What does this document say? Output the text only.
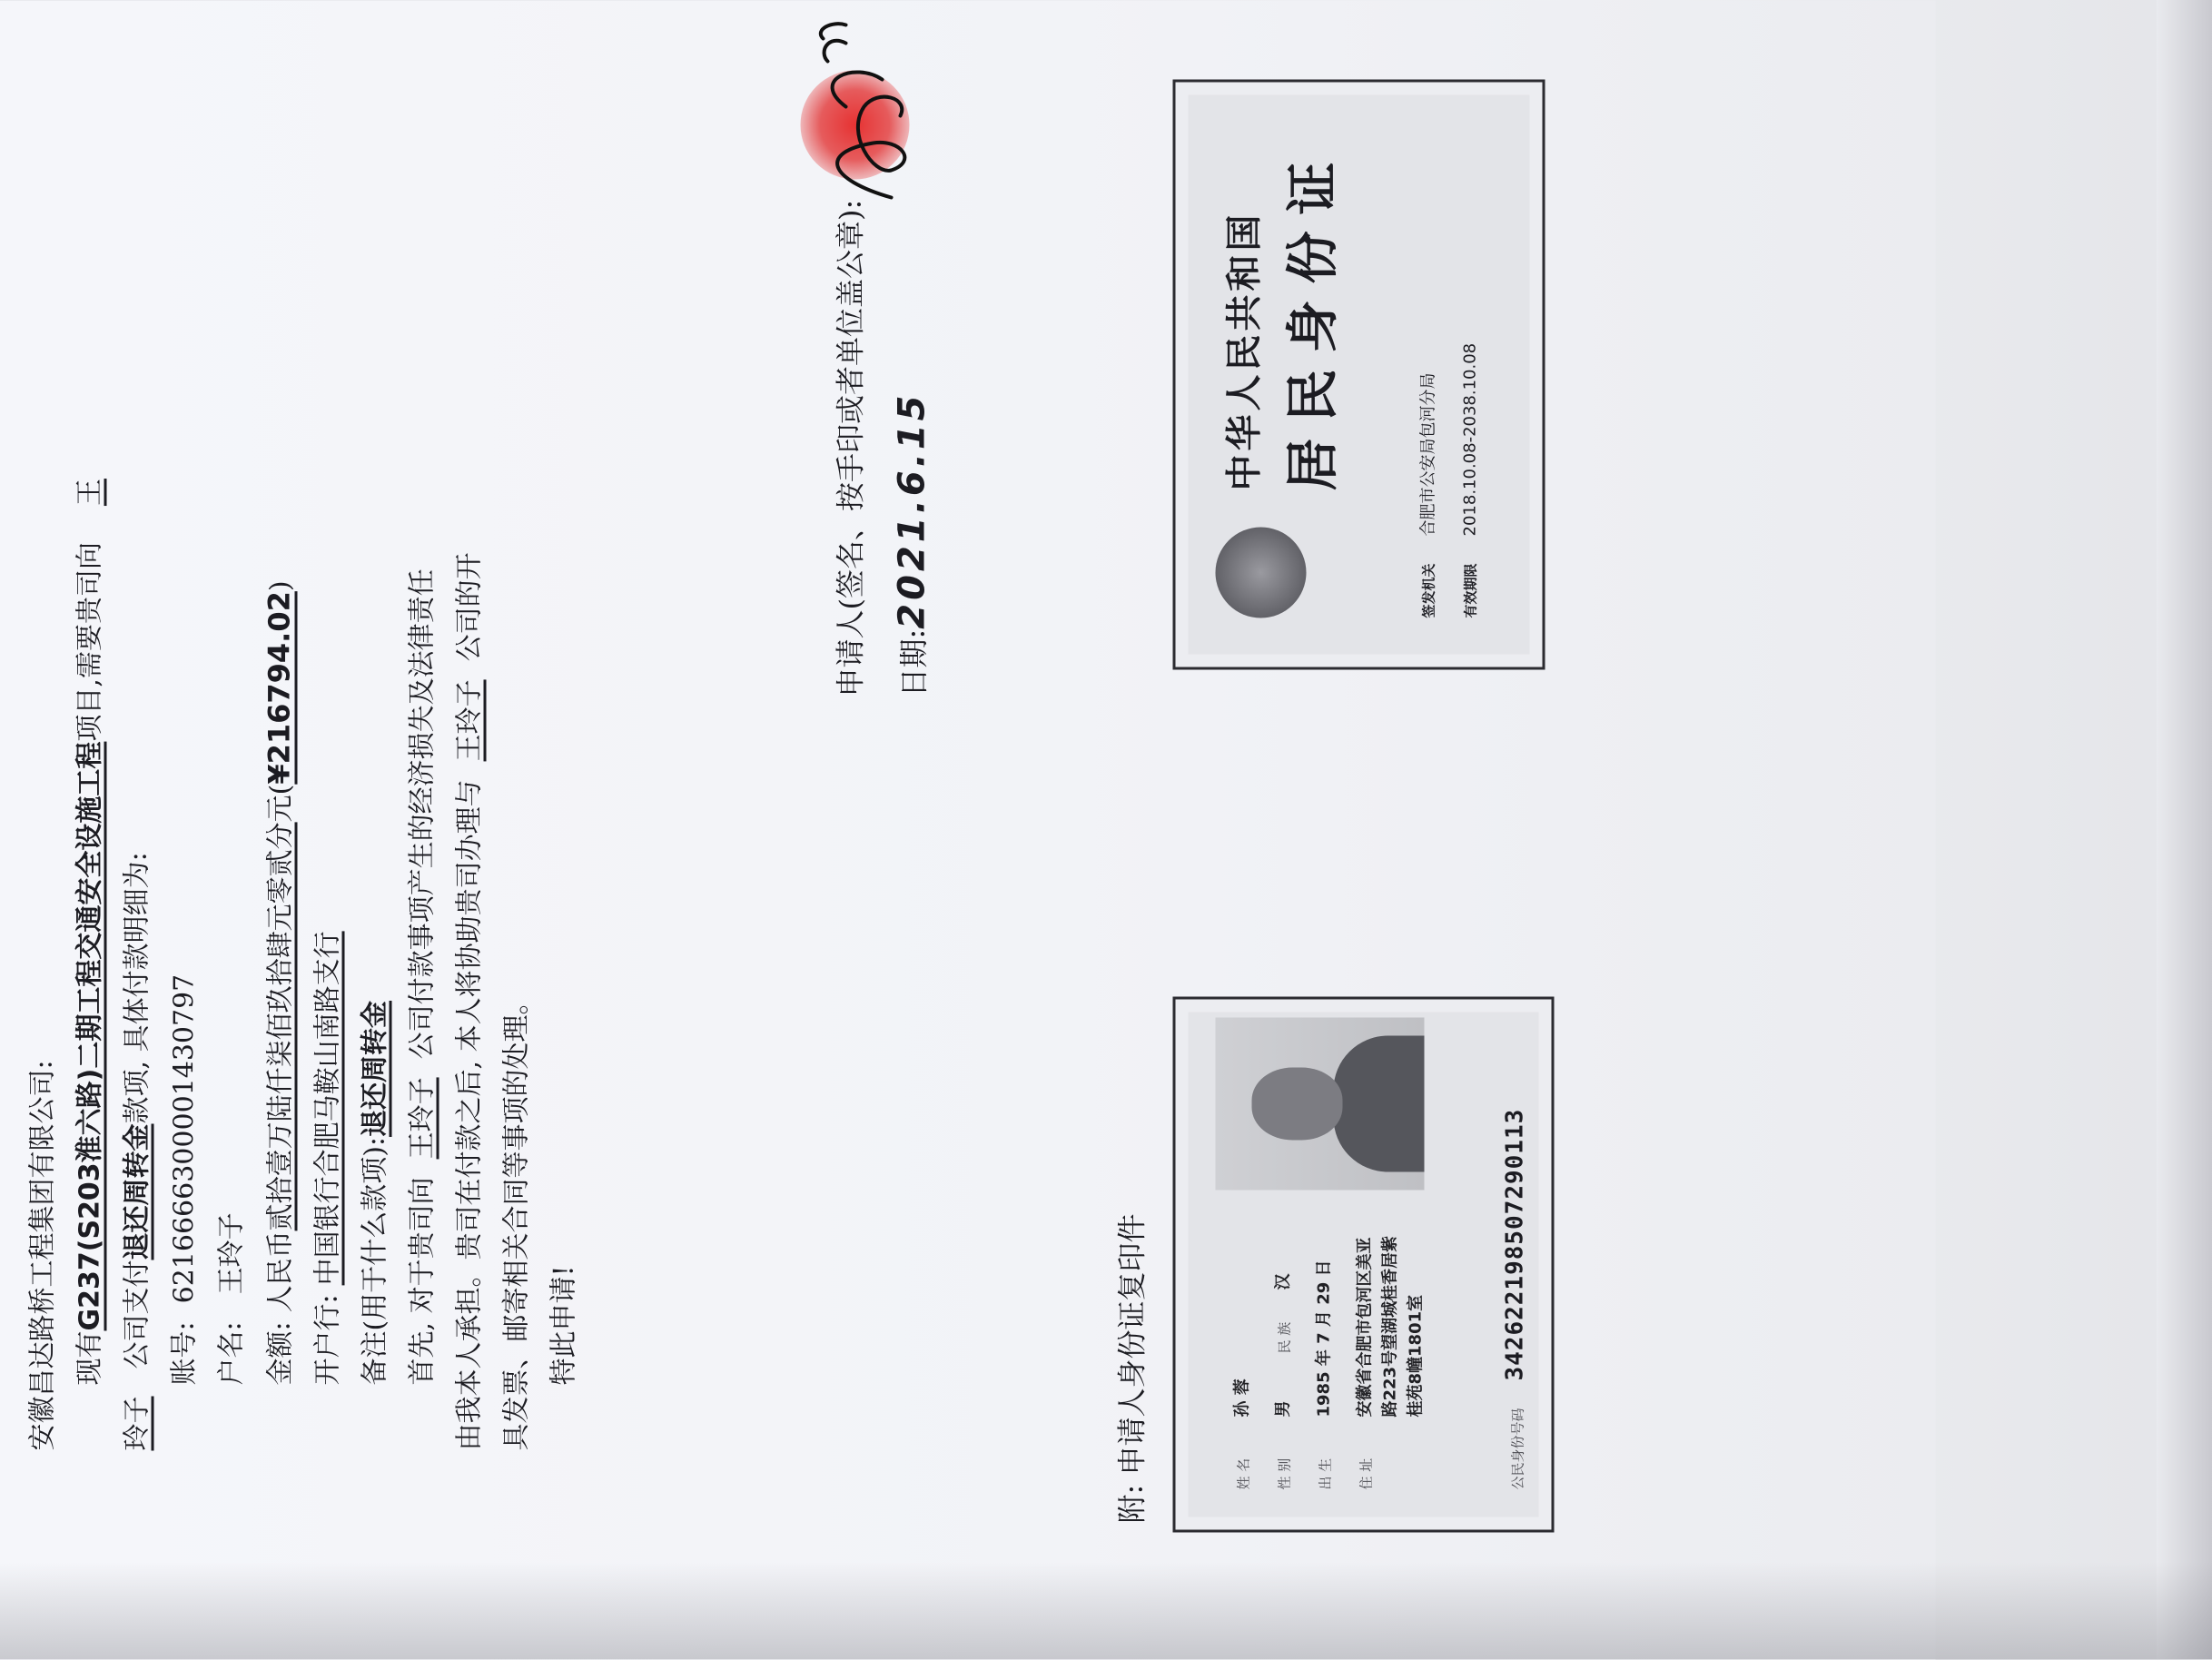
安徽昌达路桥工程集团有限公司: 现有G237(S203淮六路)二期工程交通安全设施工程项目,需要贵司向王
玲子公司支付退还周转金款项, 具体付款明细为:
账号:6216666300001430797
户名:王玲子
金额:人民币贰拾壹万陆仟柒佰玖拾肆元零贰分元(¥216794.02)
开户行:中国银行合肥马鞍山南路支行 备注(用于什么款项):退还周转金
首先, 对于贵司向王玲子公司付款事项产生的经济损失及法律责任 由我本人承担。贵司在付款之后, 本人将协助贵司办理与王玲子公司的开
具发票、邮寄相关合同等事项的处理。 特此申请!
申请人(签名、按手印或者单位盖公章): 日期:2021.6.15
附: 申请人身份证复印件	姓 名
孙 蓉
性 别
男
民 族
汉
出 生
1985 年 7 月 29 日
住 址
安徽省合肥市包河区美亚 路223号望湖城桂香居紫 桂苑8幢1801室
公民身份号码
342622198507290113
中华人民共和国 居民身份证
签发机关合肥市公安局包河分局
有效期限2018.10.08-2038.10.08
